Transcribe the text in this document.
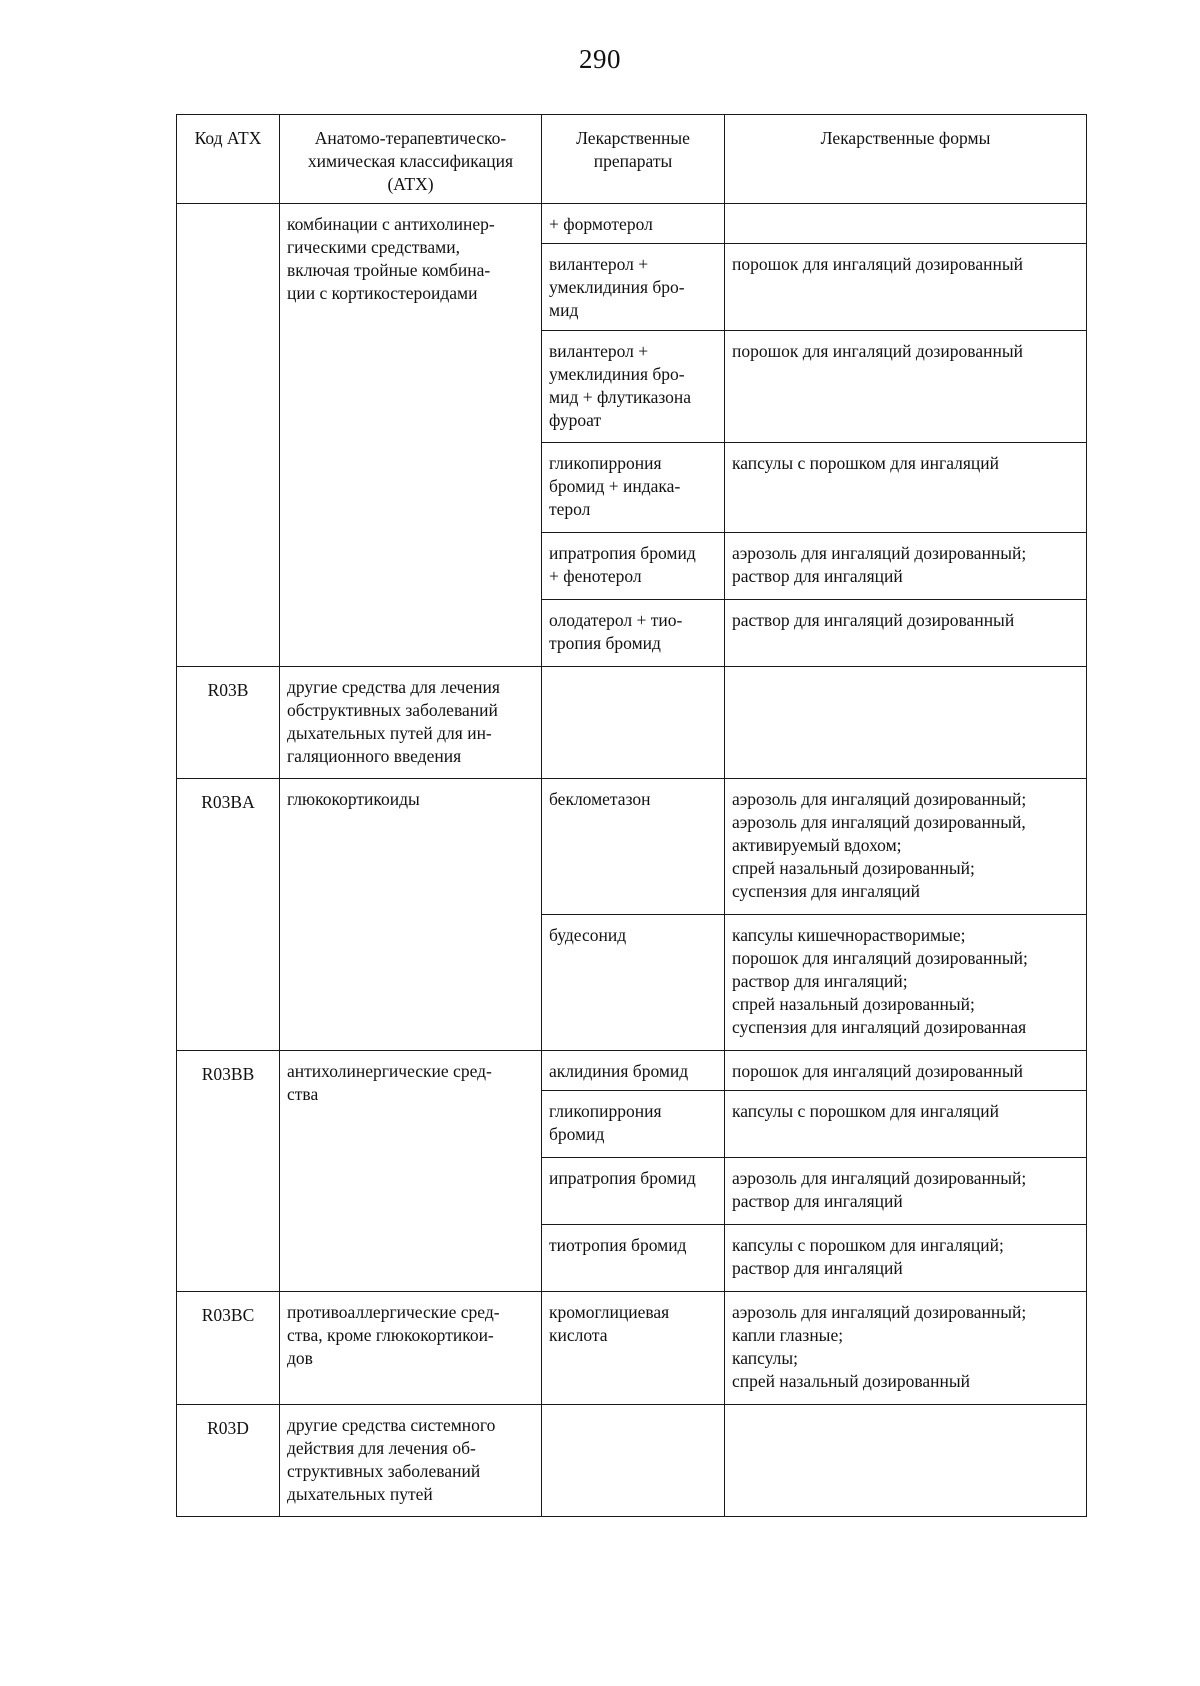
290
Код АТХ	Анатомо-терапевтическо-
химическая классификация
(АТХ)	Лекарственные
препараты	Лекарственные формы

	комбинации с антихолинер-
гическими средствами,
включая тройные комбина-
ции с кортикостероидами	+ формотерол	

		вилантерол +
умеклидиния бро-
мид	порошок для ингаляций дозированный

		вилантерол +
умеклидиния бро-
мид + флутиказона
фуроат	порошок для ингаляций дозированный

		гликопиррония
бромид + индака-
терол	капсулы с порошком для ингаляций

		ипратропия бромид
+ фенотерол	аэрозоль для ингаляций дозированный;
раствор для ингаляций

		олодатерол + тио-
тропия бромид	раствор для ингаляций дозированный

R03B	другие средства для лечения
обструктивных заболеваний
дыхательных путей для ин-
галяционного введения		

R03BA	глюкокортикоиды	беклометазон	аэрозоль для ингаляций дозированный;
аэрозоль для ингаляций дозированный,
активируемый вдохом;
спрей назальный дозированный;
суспензия для ингаляций

		будесонид	капсулы кишечнорастворимые;
порошок для ингаляций дозированный;
раствор для ингаляций;
спрей назальный дозированный;
суспензия для ингаляций дозированная

R03BB	антихолинергические сред-
ства	аклидиния бромид	порошок для ингаляций дозированный

		гликопиррония
бромид	капсулы с порошком для ингаляций

		ипратропия бромид	аэрозоль для ингаляций дозированный;
раствор для ингаляций

		тиотропия бромид	капсулы с порошком для ингаляций;
раствор для ингаляций

R03BC	противоаллергические сред-
ства, кроме глюкокортикои-
дов	кромоглициевая
кислота	аэрозоль для ингаляций дозированный;
капли глазные;
капсулы;
спрей назальный дозированный

R03D	другие средства системного
действия для лечения об-
структивных заболеваний
дыхательных путей		
